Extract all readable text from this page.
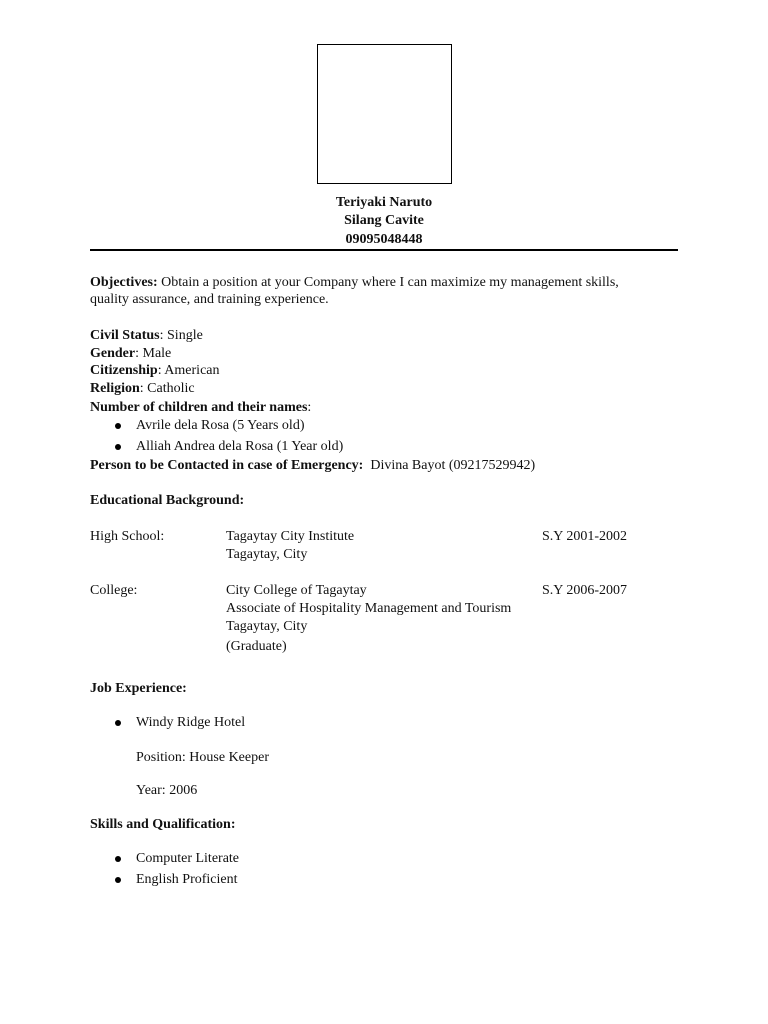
Teriyaki Naruto
Silang Cavite
09095048448
Objectives: Obtain a position at your Company where I can maximize my management skills,
quality assurance, and training experience.
Civil Status: Single
Gender: Male
Citizenship: American
Religion: Catholic
Number of children and their names:
Avrile dela Rosa (5 Years old)
Alliah Andrea dela Rosa (1 Year old)
Person to be Contacted in case of Emergency: Divina Bayot (09217529942)
Educational Background:
High School:	Tagaytay City Institute	S.Y 2001-2002
Tagaytay, City
College:	City College of Tagaytay	S.Y 2006-2007
Associate of Hospitality Management and Tourism
Tagaytay, City
(Graduate)
Job Experience:
Windy Ridge Hotel
Position: House Keeper
Year: 2006
Skills and Qualification:
Computer Literate
English Proficient
